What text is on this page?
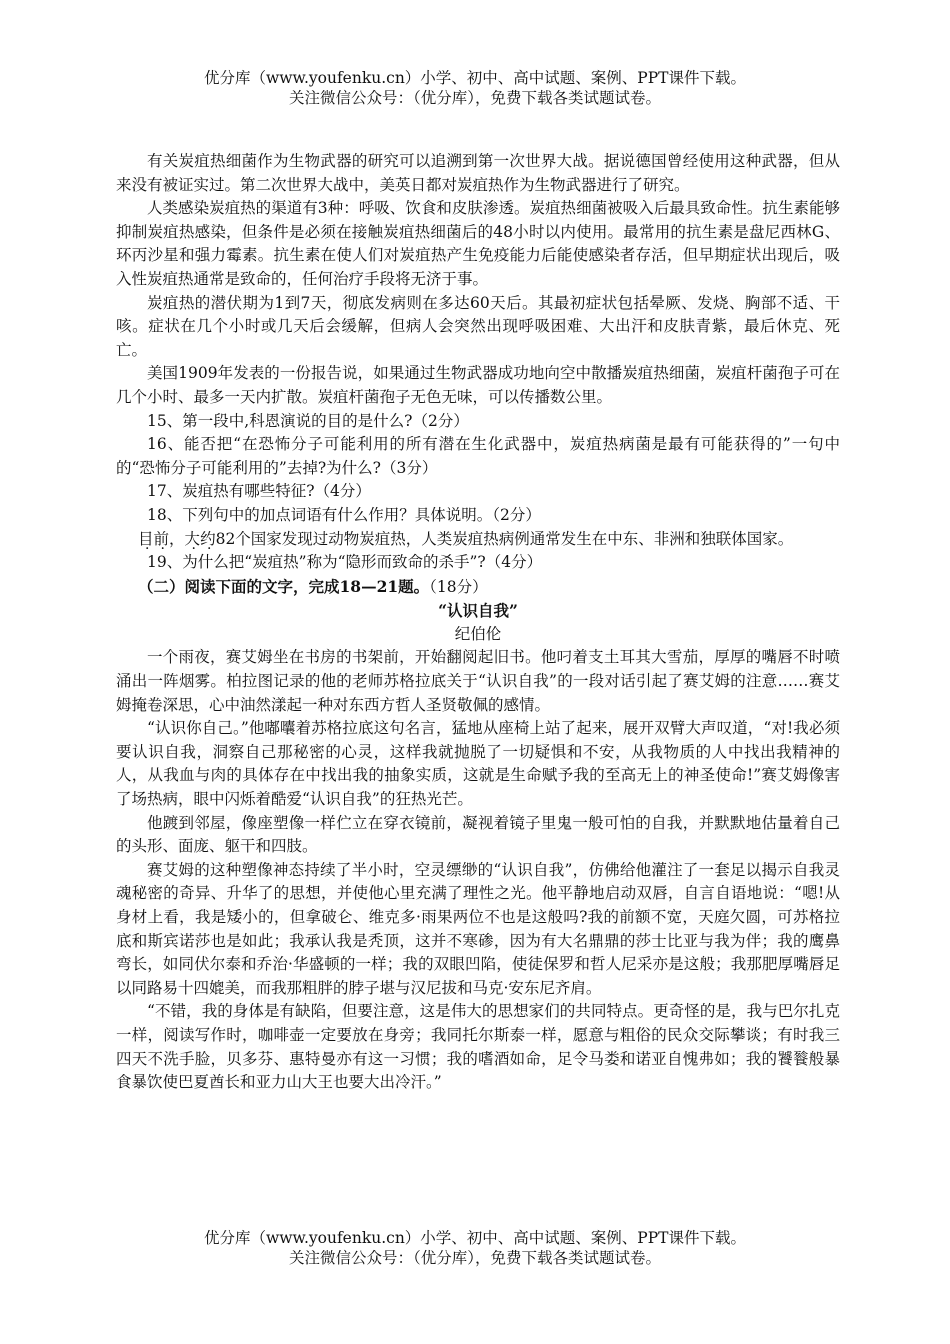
优分库（www.youfenku.cn）小学、初中、高中试题、案例、PPT课件下载。
关注微信公众号：（优分库），免费下载各类试题试卷。

有关炭疽热细菌作为生物武器的研究可以追溯到第一次世界大战。据说德国曾经使用这种武器，但从来没有被证实过。第二次世界大战中，美英日都对炭疽热作为生物武器进行了研究。

人类感染炭疽热的渠道有3种：呼吸、饮食和皮肤渗透。炭疽热细菌被吸入后最具致命性。抗生素能够抑制炭疽热感染，但条件是必须在接触炭疽热细菌后的48小时以内使用。最常用的抗生素是盘尼西林G、环丙沙星和强力霉素。抗生素在使人们对炭疽热产生免疫能力后能使感染者存活，但早期症状出现后，吸入性炭疽热通常是致命的，任何治疗手段将无济于事。

炭疽热的潜伏期为1到7天，彻底发病则在多达60天后。其最初症状包括晕厥、发烧、胸部不适、干咳。症状在几个小时或几天后会缓解，但病人会突然出现呼吸困难、大出汗和皮肤青紫，最后休克、死亡。

美国1909年发表的一份报告说，如果通过生物武器成功地向空中散播炭疽热细菌，炭疽杆菌孢子可在几个小时、最多一天内扩散。炭疽杆菌孢子无色无味，可以传播数公里。

15、第一段中,科恩演说的目的是什么?（2分）

16、能否把“在恐怖分子可能利用的所有潜在生化武器中，炭疽热病菌是最有可能获得的”一句中的“恐怖分子可能利用的”去掉?为什么?（3分）

17、炭疽热有哪些特征?（4分）

18、下列句中的加点词语有什么作用？具体说明。（2分）

目前，大约82个国家发现过动物炭疽热，人类炭疽热病例通常发生在中东、非洲和独联体国家。

19、为什么把“炭疽热”称为“隐形而致命的杀手”?（4分）

（二）阅读下面的文字，完成18—21题。（18分）

“认识自我”

纪伯伦

一个雨夜，赛艾姆坐在书房的书架前，开始翻阅起旧书。他叼着支土耳其大雪茄，厚厚的嘴唇不时喷涌出一阵烟雾。柏拉图记录的他的老师苏格拉底关于“认识自我”的一段对话引起了赛艾姆的注意……赛艾姆掩卷深思，心中油然漾起一种对东西方哲人圣贤敬佩的感情。

“认识你自己。”他嘟囔着苏格拉底这句名言，猛地从座椅上站了起来，展开双臂大声叹道，“对!我必须要认识自我，洞察自己那秘密的心灵，这样我就抛脱了一切疑惧和不安，从我物质的人中找出我精神的人，从我血与肉的具体存在中找出我的抽象实质，这就是生命赋予我的至高无上的神圣使命!”赛艾姆像害了场热病，眼中闪烁着酷爱“认识自我”的狂热光芒。

他踱到邻屋，像座塑像一样伫立在穿衣镜前，凝视着镜子里鬼一般可怕的自我，并默默地估量着自己的头形、面庞、躯干和四肢。

赛艾姆的这种塑像神态持续了半小时，空灵缥缈的“认识自我”，仿佛给他灌注了一套足以揭示自我灵魂秘密的奇异、升华了的思想，并使他心里充满了理性之光。他平静地启动双唇，自言自语地说：“嗯!从身材上看，我是矮小的，但拿破仑、维克多·雨果两位不也是这般吗?我的前额不宽，天庭欠圆，可苏格拉底和斯宾诺莎也是如此；我承认我是秃顶，这并不寒碜，因为有大名鼎鼎的莎士比亚与我为伴；我的鹰鼻弯长，如同伏尔泰和乔治·华盛顿的一样；我的双眼凹陷，使徒保罗和哲人尼采亦是这般；我那肥厚嘴唇足以同路易十四媲美，而我那粗胖的脖子堪与汉尼拔和马克·安东尼齐肩。

“不错，我的身体是有缺陷，但要注意，这是伟大的思想家们的共同特点。更奇怪的是，我与巴尔扎克一样，阅读写作时，咖啡壶一定要放在身旁；我同托尔斯泰一样，愿意与粗俗的民众交际攀谈；有时我三四天不洗手脸，贝多芬、惠特曼亦有这一习惯；我的嗜酒如命，足令马娄和诺亚自愧弗如；我的饕餮般暴食暴饮使巴夏酋长和亚力山大王也要大出冷汗。”

优分库（www.youfenku.cn）小学、初中、高中试题、案例、PPT课件下载。
关注微信公众号：（优分库），免费下载各类试题试卷。
